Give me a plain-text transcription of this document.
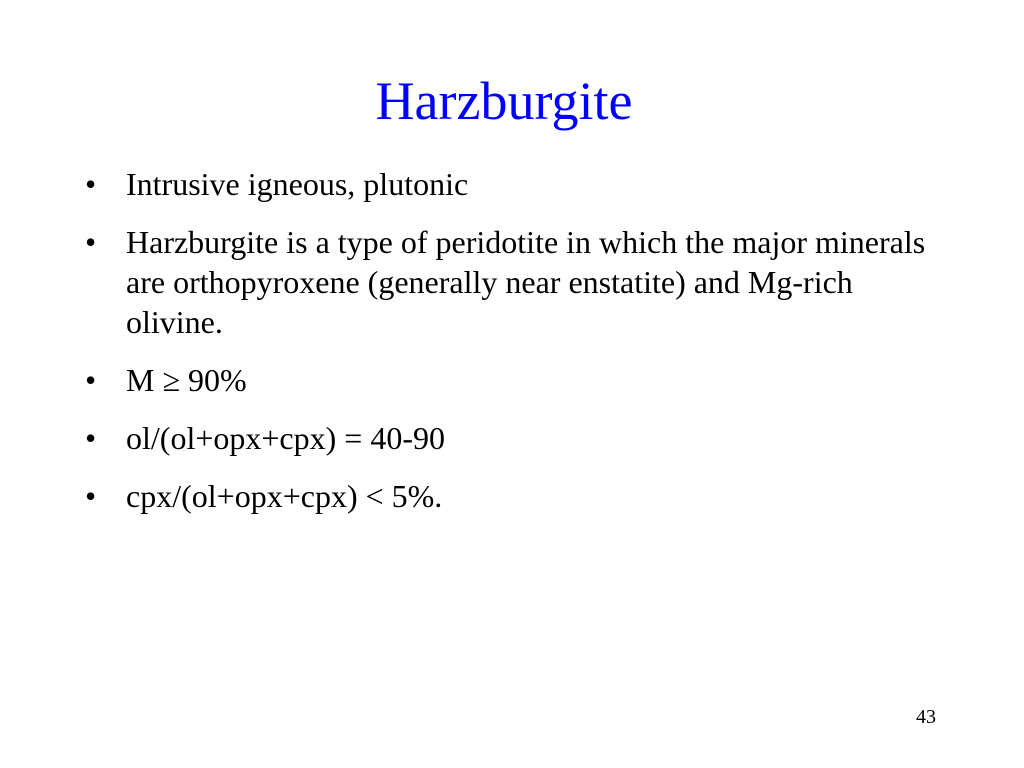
Harzburgite
• Intrusive igneous, plutonic
• Harzburgite is a type of peridotite in which the major minerals are orthopyroxene (generally near enstatite) and Mg-rich olivine.
• M ≥ 90%
• ol/(ol+opx+cpx) = 40-90
• cpx/(ol+opx+cpx) < 5%.
43
